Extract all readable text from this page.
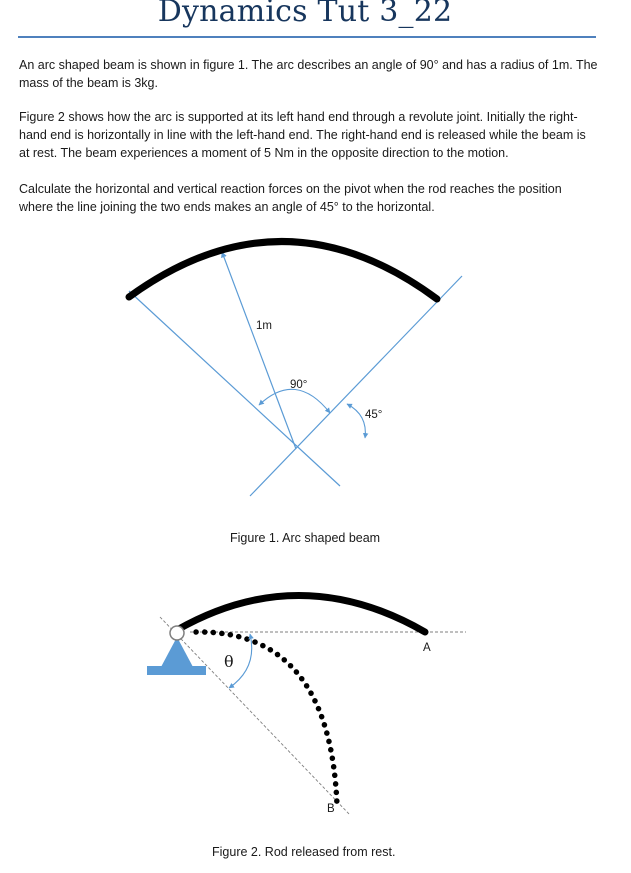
Dynamics Tut 3_22

An arc shaped beam is shown in figure 1. The arc describes an angle of 90° and has a radius of 1m. The mass of the beam is 3kg.

Figure 2 shows how the arc is supported at its left hand end through a revolute joint. Initially the right-hand end is horizontally in line with the left-hand end. The right-hand end is released while the beam is at rest. The beam experiences a moment of 5 Nm in the opposite direction to the motion.

Calculate the horizontal and vertical reaction forces on the pivot when the rod reaches the position where the line joining the two ends makes an angle of 45° to the horizontal.

1m
90°
45°
A
B
θ
Figure 1. Arc shaped beam
Figure 2. Rod released from rest.
